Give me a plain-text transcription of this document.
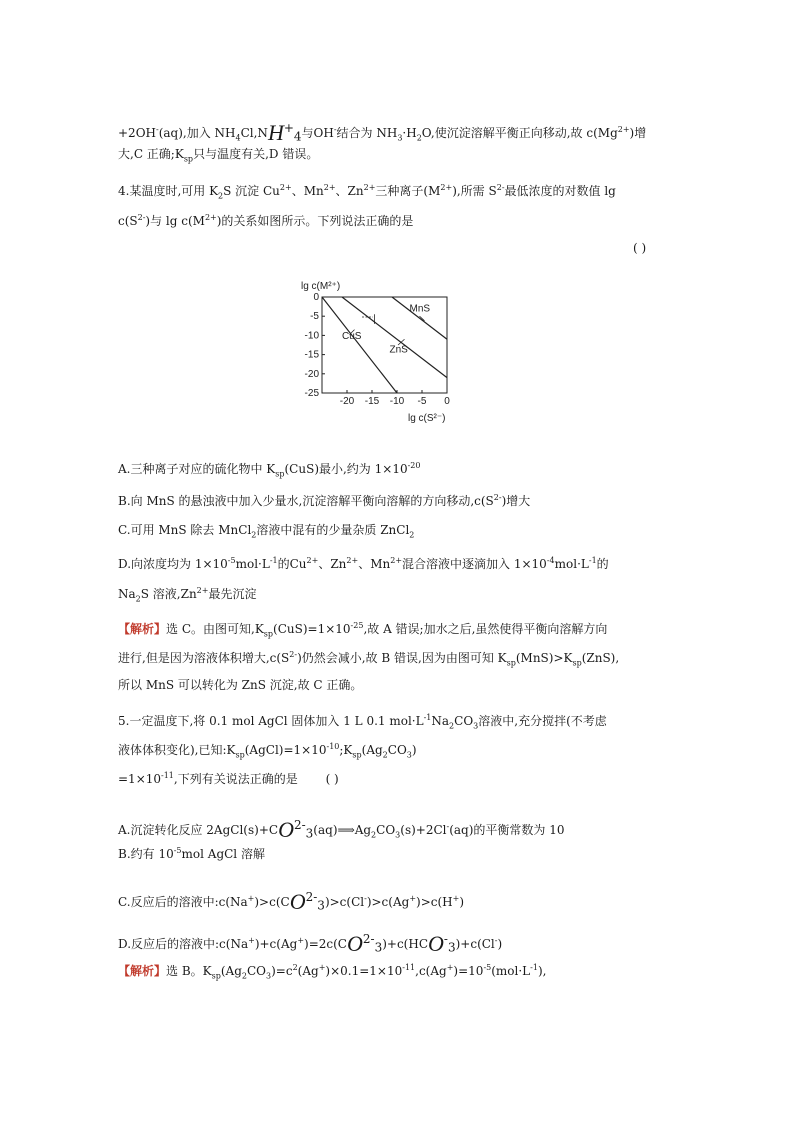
+2OH-(aq),加入 $NH_4Cl,NH+4$与OH-结合为 $NH_3\cdot H_2O$,使沉淀溶解平衡正向移动,故 $c(Mg^{2+})$增
大,C 正确$;K_{sp}$只与温度有关,D 错误。
4.某温度时,可用 $K_2S$ 沉淀 $Cu^{2+}$、$Mn^{2+}$、$Zn^{2+}$三种离子$(M^{2+})$,所需 $S^{2-}$最低浓度的对数值 lg
$c(S^{2-})$与 $\lg c(M^{2+})$的关系如图所示。下列说法正确的是
( )
lg c(M²⁺)
lg c(S²⁻)
-20 -15 -10 -5 0
0
-5
-10
-15
-20
-25
CuS
ZnS
MnS
A.三种离子对应的硫化物中 $K_{sp}(CuS)$最小,约为 $1\times 10^{-20}$
B.向 MnS 的悬浊液中加入少量水,沉淀溶解平衡向溶解的方向移动$,c(S^{2-})$增大
C.可用 MnS 除去 MnCl$_2$溶液中混有的少量杂质 ZnCl$_2$
D.向浓度均为 $1\times 10^{-5}mol\cdot L^{-1}$的$Cu^{2+}$、$Zn^{2+}$、$Mn^{2+}$混合溶液中逐滴加入 $1\times 10^{-4}mol\cdot L^{-1}$的
$Na_2S$ 溶液$,Zn^{2+}$最先沉淀
【解析】选 C。由图可知$,K_{sp}(CuS)=1\times 10^{-25}$,故 A 错误;加水之后,虽然使得平衡向溶解方向
进行,但是因为溶液体积增大$,c(S^{2-})$仍然会减小,故 B 错误,因为由图可知 $K_{sp}(MnS)>K_{sp}(ZnS)$,
所以 MnS 可以转化为 ZnS 沉淀,故 C 正确。
5.一定温度下,将 0.1 mol AgCl 固体加入 1 L 0.1 $mol\cdot L^{-1}Na_2CO_3$溶液中,充分搅拌(不考虑
液体体积变化),已知$:K_{sp}(AgCl)=1\times 10^{-10};K_{sp}(Ag_2CO_3)$
$=1\times 10^{-11}$,下列有关说法正确的是 ( )
A.沉淀转化反应 $2AgCl(s)+CO2-3(aq)⟹Ag_2CO_3(s)+2Cl^-(aq)$的平衡常数为 10
B.约有 $10^{-5}mol$ AgCl 溶解
C.反应后的溶液中:c(Na+)>c(CO2-3)>c(Cl-)>c(Ag+)>c(H+)
D.反应后的溶液中:c(Na+)+c(Ag+)=2c(CO2-3)+c(HCO-3)+c(Cl-)
【解析】选 B。$K_{sp}(Ag_2CO_3)=c^2(Ag^+)\times 0.1=1\times 10^{-11},c(Ag^+)=10^{-5}(mol\cdot L^{-1})$,
